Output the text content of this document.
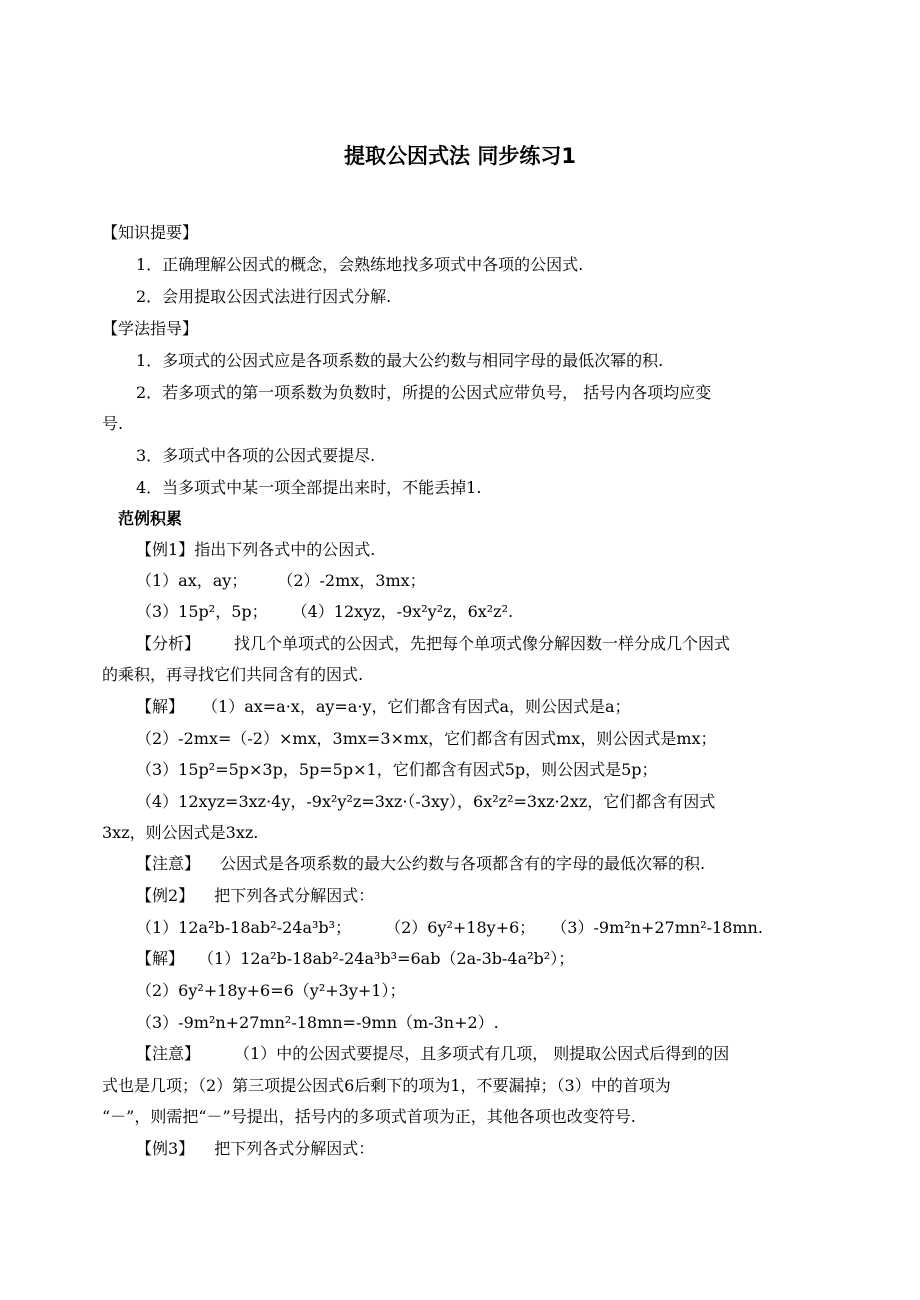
提取公因式法 同步练习1
【知识提要】
1．正确理解公因式的概念，会熟练地找多项式中各项的公因式.
2．会用提取公因式法进行因式分解.
【学法指导】
1．多项式的公因式应是各项系数的最大公约数与相同字母的最低次幂的积.
2．若多项式的第一项系数为负数时，所提的公因式应带负号， 括号内各项均应变
号.
3．多项式中各项的公因式要提尽.
4．当多项式中某一项全部提出来时，不能丢掉1.
范例积累
【例1】指出下列各式中的公因式.
（1）ax，ay； （2）-2mx，3mx；
（3）15p²，5p； （4）12xyz，-9x²y²z，6x²z².
【分析】 找几个单项式的公因式，先把每个单项式像分解因数一样分成几个因式
的乘积，再寻找它们共同含有的因式.
【解】 （1）ax=a·x，ay=a·y，它们都含有因式a，则公因式是a；
（2）-2mx=（-2）×mx，3mx=3×mx，它们都含有因式mx，则公因式是mx；
（3）15p²=5p×3p，5p=5p×1，它们都含有因式5p，则公因式是5p；
（4）12xyz=3xz·4y，-9x²y²z=3xz·（-3xy），6x²z²=3xz·2xz，它们都含有因式
3xz，则公因式是3xz.
【注意】 公因式是各项系数的最大公约数与各项都含有的字母的最低次幂的积.
【例2】 把下列各式分解因式：
（1）12a²b-18ab²-24a³b³； （2）6y²+18y+6； （3）-9m²n+27mn²-18mn.
【解】 （1）12a²b-18ab²-24a³b³=6ab（2a-3b-4a²b²）；
（2）6y²+18y+6=6（y²+3y+1）；
（3）-9m²n+27mn²-18mn=-9mn（m-3n+2）.
【注意】 （1）中的公因式要提尽，且多项式有几项， 则提取公因式后得到的因
式也是几项；（2）第三项提公因式6后剩下的项为1，不要漏掉；（3）中的首项为
“－”，则需把“－”号提出，括号内的多项式首项为正，其他各项也改变符号.
【例3】 把下列各式分解因式：
